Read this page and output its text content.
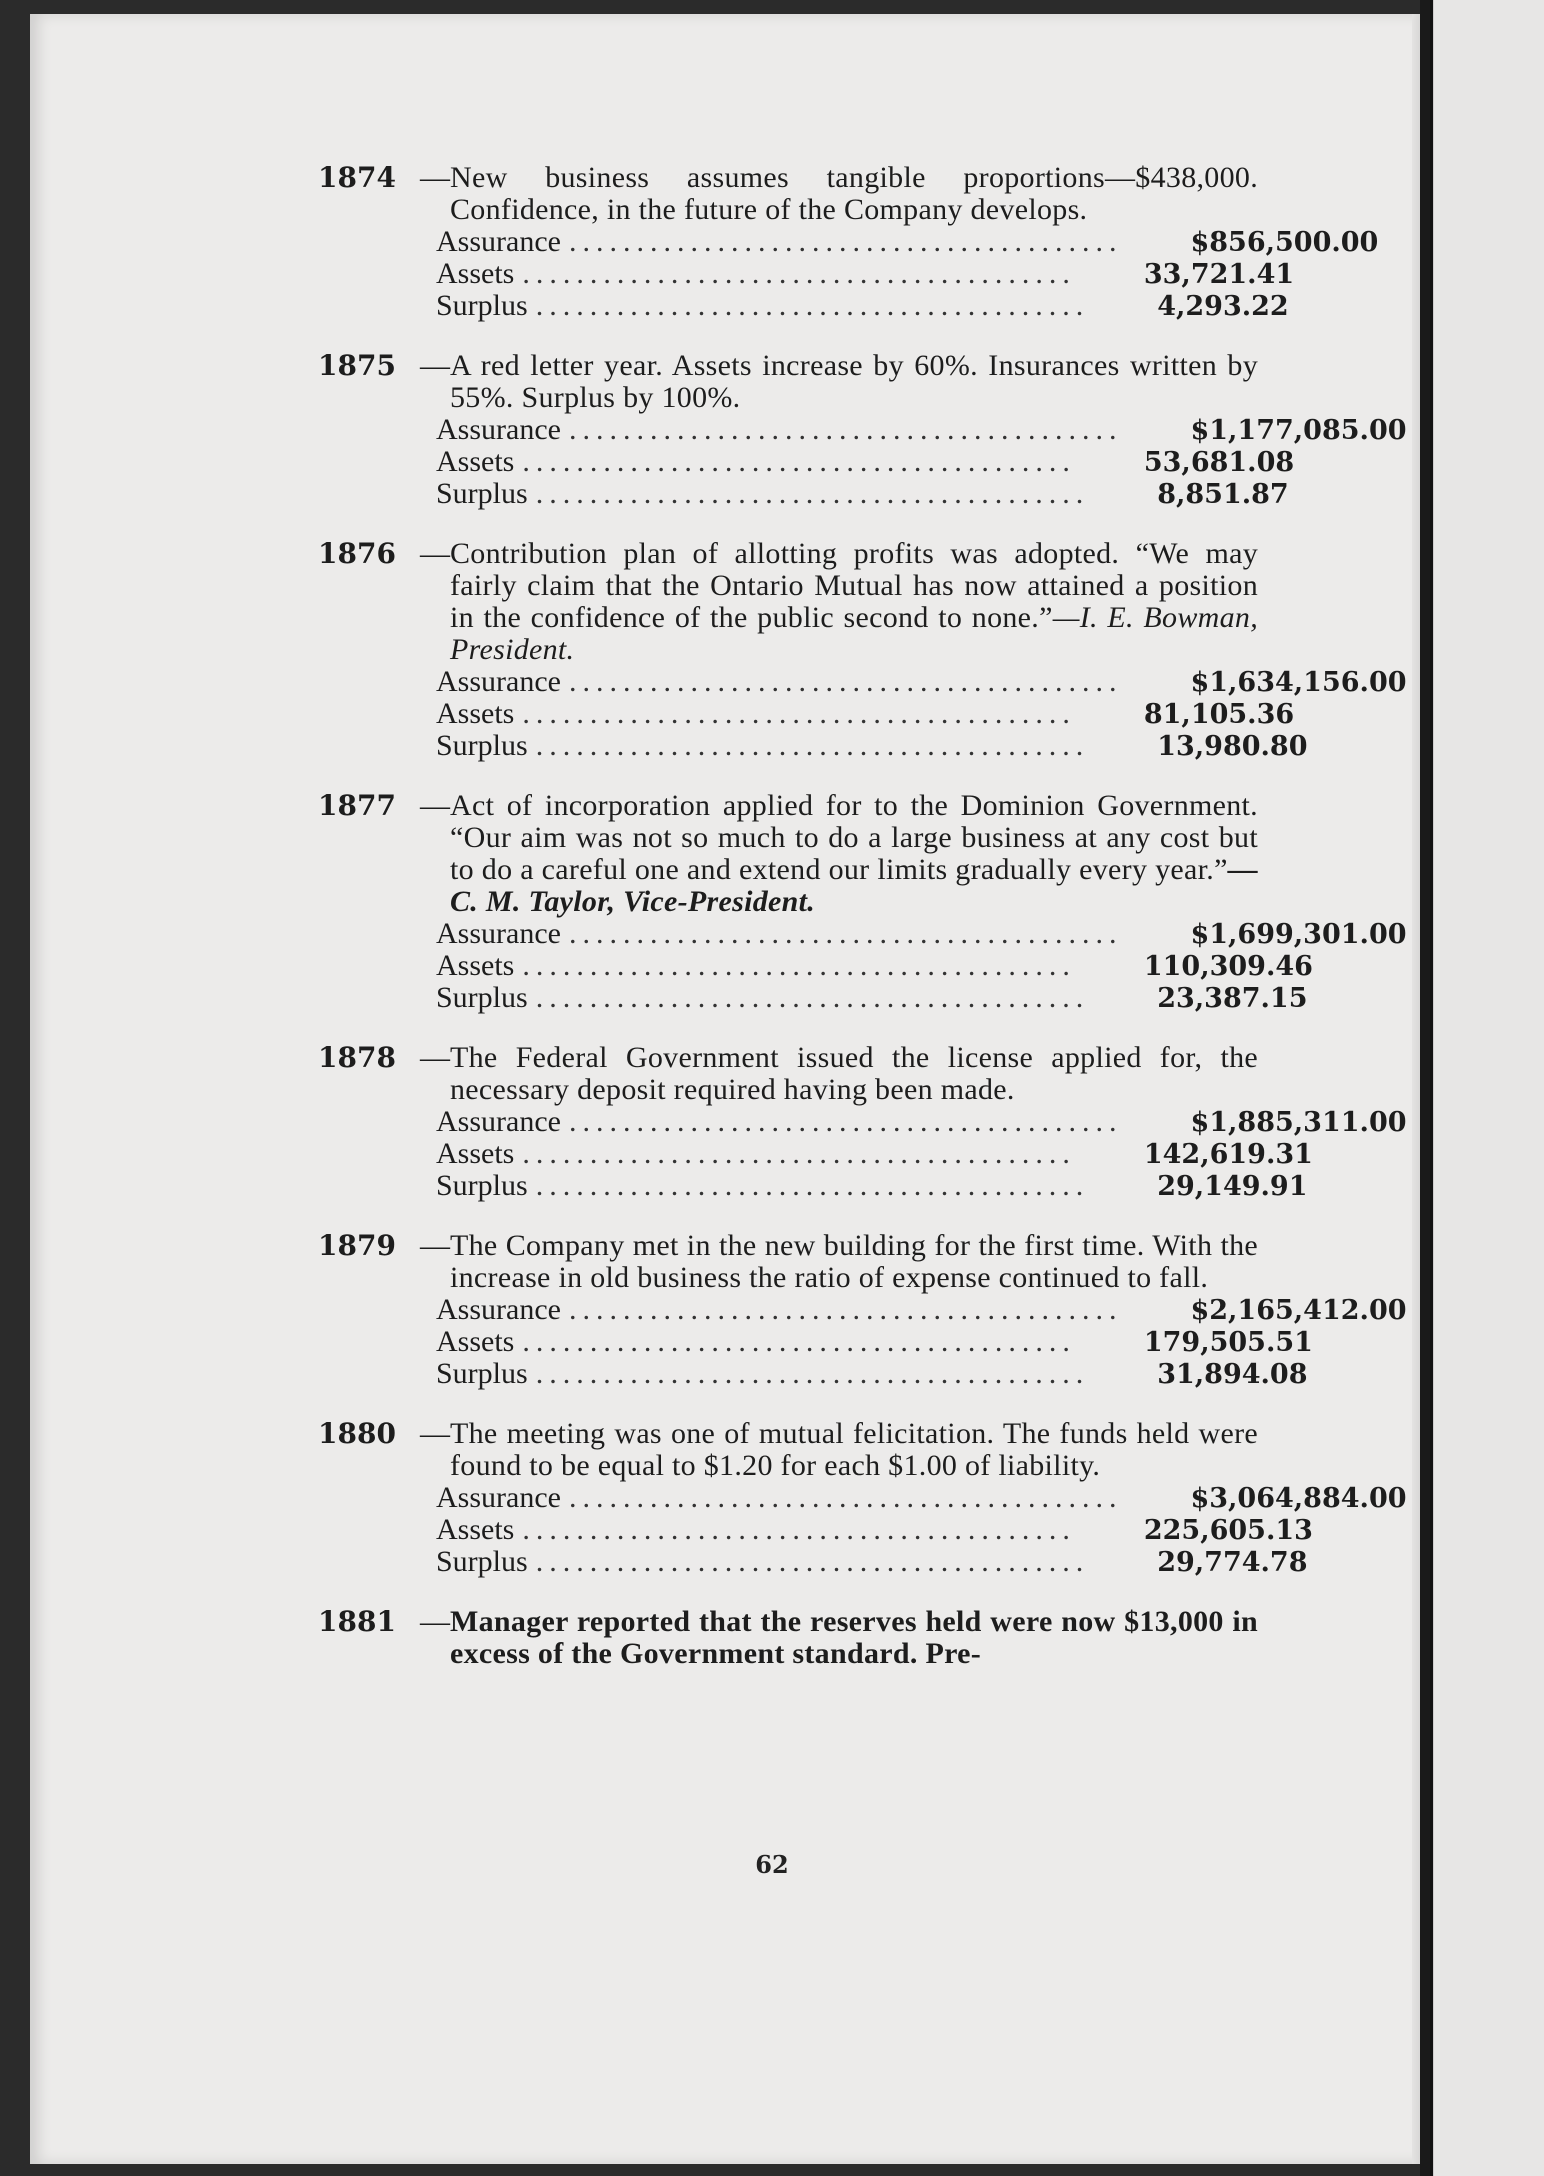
1874 — New business assumes tangible proportions—$438,000. Confidence, in the future of the Company develops.
Assurance .........................................	$856,500.00
Assets .........................................	33,721.41
Surplus .........................................	4,293.22
1875 — A red letter year. Assets increase by 60%. Insurances written by 55%. Surplus by 100%.
Assurance .........................................	$1,177,085.00
Assets .........................................	53,681.08
Surplus .........................................	8,851.87
1876 — Contribution plan of allotting profits was adopted. “We may fairly claim that the Ontario Mutual has now attained a position in the confidence of the public second to none.”—I. E. Bowman, President.
Assurance .........................................	$1,634,156.00
Assets .........................................	81,105.36
Surplus .........................................	13,980.80
1877 — Act of incorporation applied for to the Dominion Government. “Our aim was not so much to do a large business at any cost but to do a careful one and extend our limits gradually every year.”—C. M. Taylor, Vice-President.
Assurance .........................................	$1,699,301.00
Assets .........................................	110,309.46
Surplus .........................................	23,387.15
1878 — The Federal Government issued the license applied for, the necessary deposit required having been made.
Assurance .........................................	$1,885,311.00
Assets .........................................	142,619.31
Surplus .........................................	29,149.91
1879 — The Company met in the new building for the first time. With the increase in old business the ratio of expense continued to fall.
Assurance .........................................	$2,165,412.00
Assets .........................................	179,505.51
Surplus .........................................	31,894.08
1880 — The meeting was one of mutual felicitation. The funds held were found to be equal to $1.20 for each $1.00 of liability.
Assurance .........................................	$3,064,884.00
Assets .........................................	225,605.13
Surplus .........................................	29,774.78
1881 — Manager reported that the reserves held were now $13,000 in excess of the Government standard. Pre-
62
